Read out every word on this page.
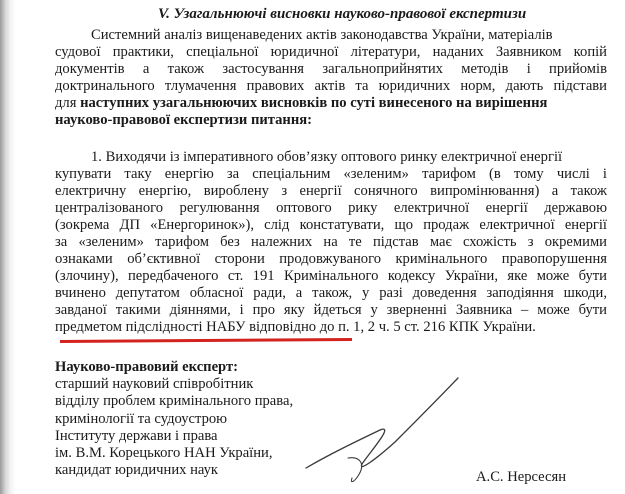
V. Узагальнюючі висновки науково-правової експертизи
Системний аналіз вищенаведених актів законодавства України, матеріалів
судової практики, спеціальної юридичної літератури, наданих Заявником копій
документів а також застосування загальноприйнятих методів і прийомів
доктринального тлумачення правових актів та юридичних норм, дають підстави
для наступних узагальнюючих висновків по суті винесеного на вирішення
науково-правової експертизи питання:
1. Виходячи із імперативного обов’язку оптового ринку електричної енергії
купувати таку енергію за спеціальним «зеленим» тарифом (в тому числі і
електричну енергію, вироблену з енергії сонячного випромінювання) а також
централізованого регулювання оптового рику електричної енергії державою
(зокрема ДП «Енергоринок»), слід констатувати, що продаж електричної енергії
за «зеленим» тарифом без належних на те підстав має схожість з окремими
ознаками об’єктивної сторони продовжуваного кримінального правопорушення
(злочину), передбаченого ст. 191 Кримінального кодексу України, яке може бути
вчинено депутатом обласної ради, а також, у разі доведення заподіяння шкоди,
завданої такими діяннями, і про яку йдеться у зверненні Заявника – може бути
предметом підслідності НАБУ відповідно до п. 1, 2 ч. 5 ст. 216 КПК України.
Науково-правовий експерт:
старший науковий співробітник
відділу проблем кримінального права,
кримінології та судоустрою
Інституту держави і права
ім. В.М. Корецького НАН України,
кандидат юридичних наук	А.С. Нерсесян
